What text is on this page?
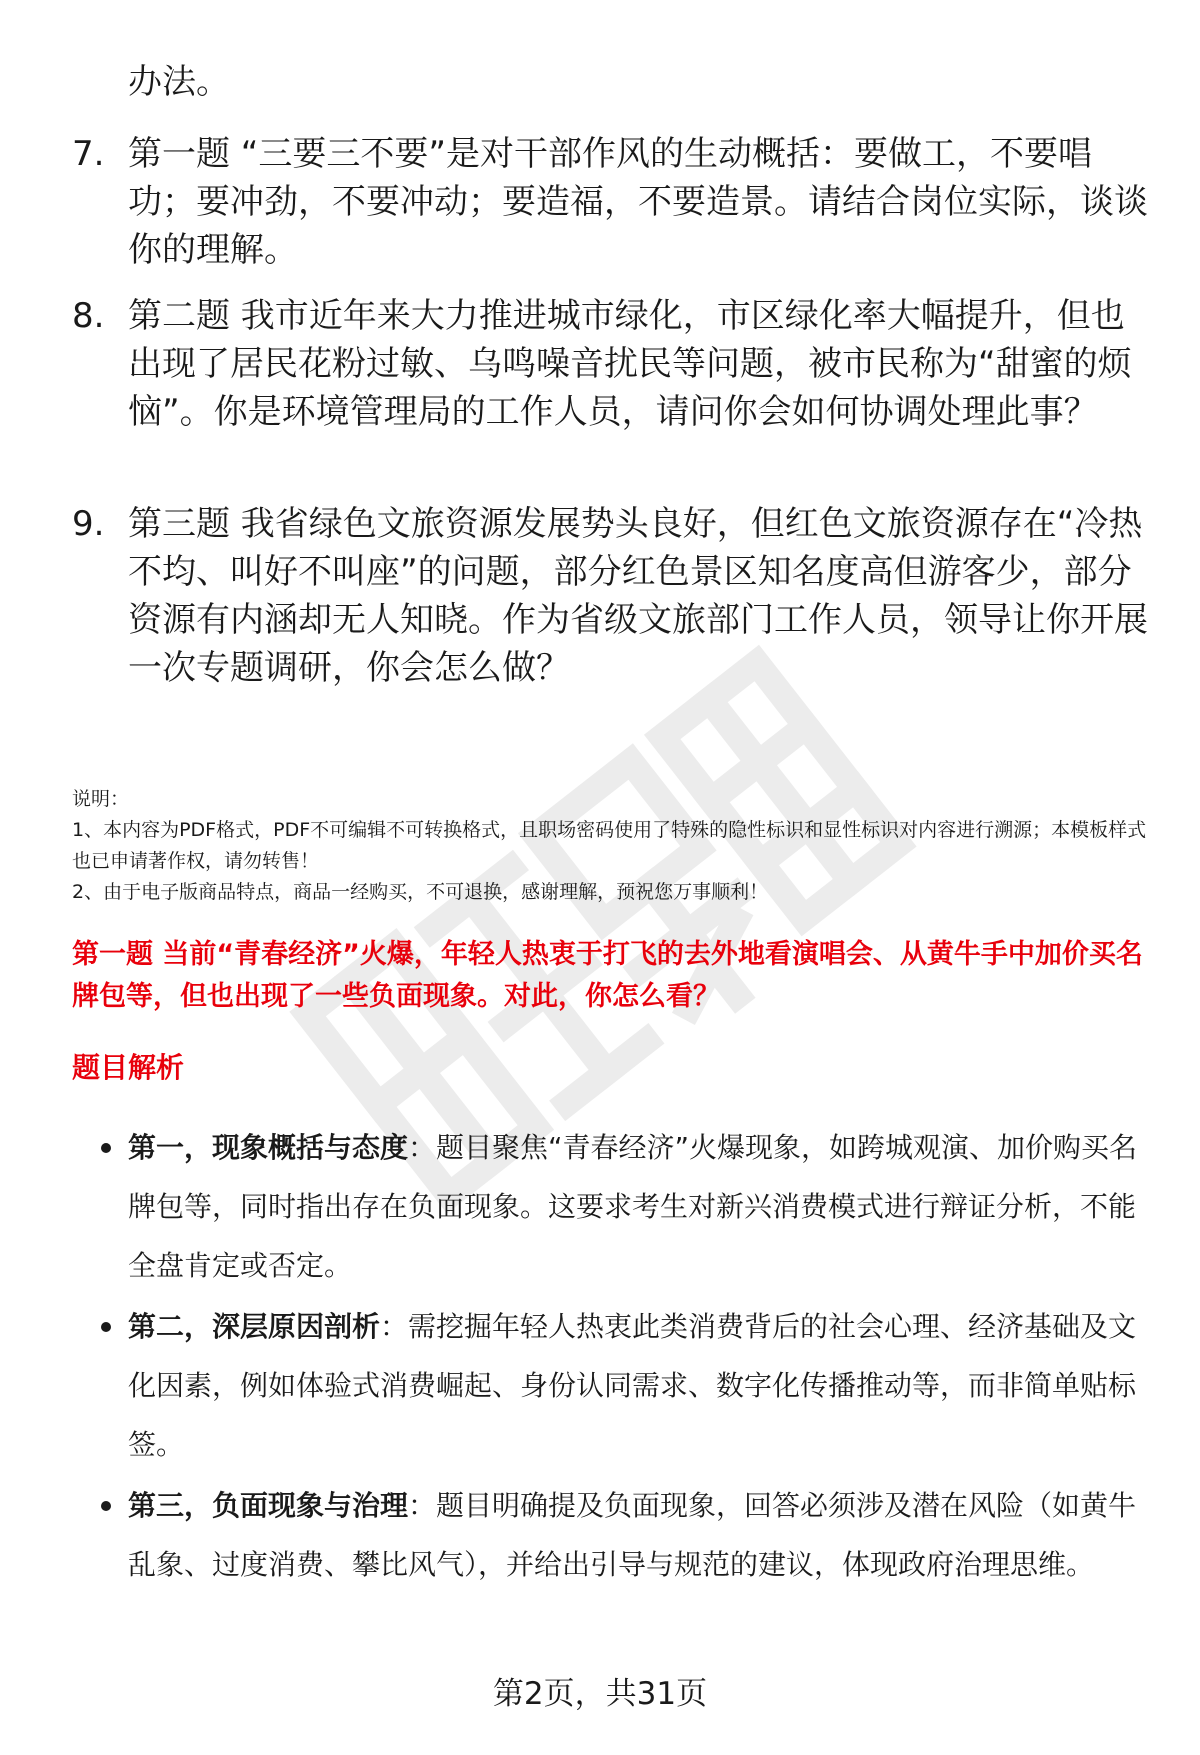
办法。

7. 第一题 “三要三不要”是对干部作风的生动概括：要做工，不要唱功；要冲劲，不要冲动；要造福，不要造景。请结合岗位实际，谈谈你的理解。
8. 第二题 我市近年来大力推进城市绿化，市区绿化率大幅提升，但也出现了居民花粉过敏、乌鸣噪音扰民等问题，被市民称为“甜蜜的烦恼”。你是环境管理局的工作人员，请问你会如何协调处理此事？
9. 第三题 我省绿色文旅资源发展势头良好，但红色文旅资源存在“冷热不均、叫好不叫座”的问题，部分红色景区知名度高但游客少，部分资源有内涵却无人知晓。作为省级文旅部门工作人员，领导让你开展一次专题调研，你会怎么做？

说明：

1、本内容为PDF格式，PDF不可编辑不可转换格式，且职场密码使用了特殊的隐性标识和显性标识对内容进行溯源；本模板样式也已申请著作权，请勿转售！

2、由于电子版商品特点，商品一经购买，不可退换，感谢理解，预祝您万事顺利！

第一题 当前“青春经济”火爆，年轻人热衷于打飞的去外地看演唱会、从黄牛手中加价买名牌包等，但也出现了一些负面现象。对此，你怎么看？

题目解析

第一，现象概括与态度：题目聚焦“青春经济”火爆现象，如跨城观演、加价购买名牌包等，同时指出存在负面现象。这要求考生对新兴消费模式进行辩证分析，不能全盘肯定或否定。
第二，深层原因剖析：需挖掘年轻人热衷此类消费背后的社会心理、经济基础及文化因素，例如体验式消费崛起、身份认同需求、数字化传播推动等，而非简单贴标签。
第三，负面现象与治理：题目明确提及负面现象，回答必须涉及潜在风险（如黄牛乱象、过度消费、攀比风气），并给出引导与规范的建议，体现政府治理思维。

第2页，共31页
